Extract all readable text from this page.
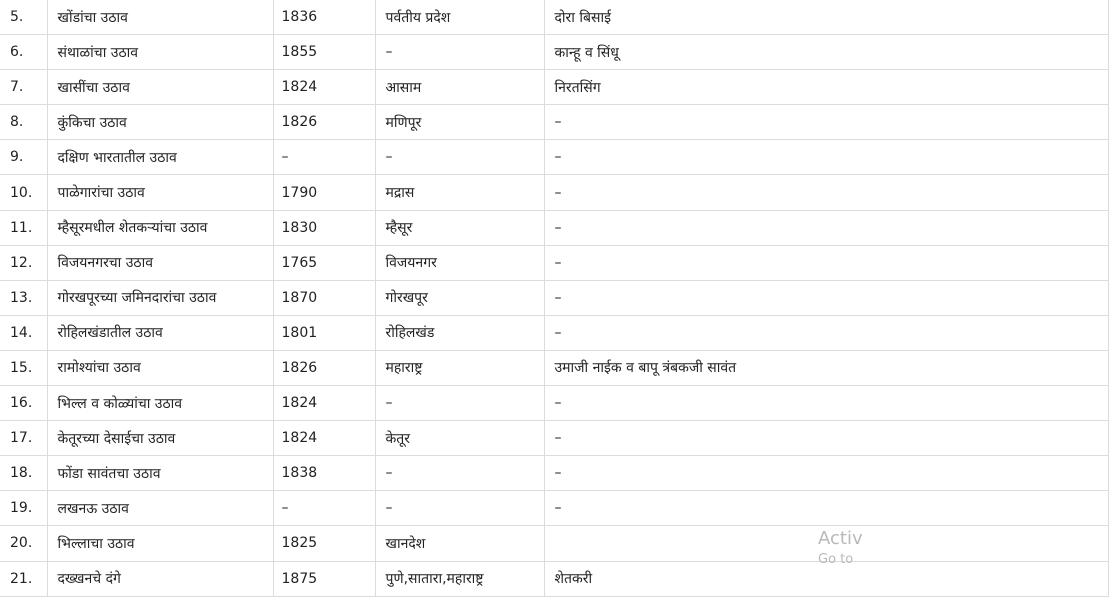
5.	खोंडांचा उठाव	1836	पर्वतीय प्रदेश	दोरा बिसाई
6.	संथाळांचा उठाव	1855	–	कान्हू व सिंधू
7.	खासींचा उठाव	1824	आसाम	निरतसिंग
8.	कुंकिचा उठाव	1826	मणिपूर	–
9.	दक्षिण भारतातील उठाव	–	–	–
10.	पाळेगारांचा उठाव	1790	मद्रास	–
11.	म्हैसूरमधील शेतकऱ्यांचा उठाव	1830	म्हैसूर	–
12.	विजयनगरचा उठाव	1765	विजयनगर	–
13.	गोरखपूरच्या जमिनदारांचा उठाव	1870	गोरखपूर	–
14.	रोहिलखंडातील उठाव	1801	रोहिलखंड	–
15.	रामोश्यांचा उठाव	1826	महाराष्ट्र	उमाजी नाईक व बापू त्रंबकजी सावंत
16.	भिल्ल व कोळ्यांचा उठाव	1824	–	–
17.	केतूरच्या देसाईचा उठाव	1824	केतूर	–
18.	फोंडा सावंतचा उठाव	1838	–	–
19.	लखनऊ उठाव	–	–	–
20.	भिल्लाचा उठाव	1825	खानदेश	
21.	दख्खनचे दंगे	1875	पुणे,सातारा,महाराष्ट्र	शेतकरी
Activ
Go to
